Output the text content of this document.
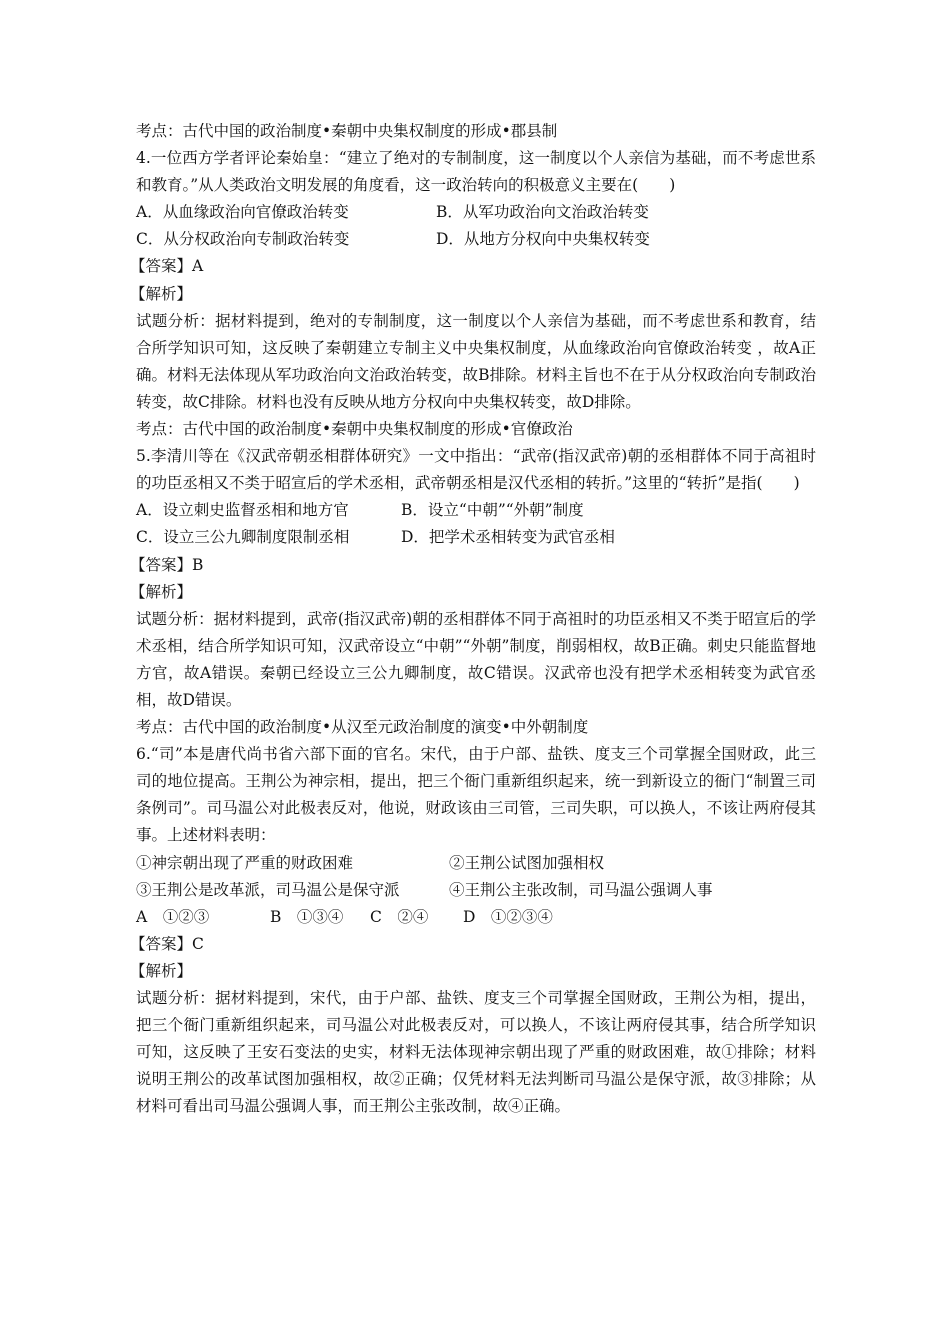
考点：古代中国的政治制度•秦朝中央集权制度的形成•郡县制
4.一位西方学者评论秦始皇：“建立了绝对的专制制度，这一制度以个人亲信为基础，而不考虑世系和教育。”从人类政治文明发展的角度看，这一政治转向的积极意义主要在(　　)
A．从血缘政治向官僚政治转变	B．从军功政治向文治政治转变
C．从分权政治向专制政治转变	D．从地方分权向中央集权转变
【答案】A
【解析】
试题分析：据材料提到，绝对的专制制度，这一制度以个人亲信为基础，而不考虑世系和教育，结合所学知识可知，这反映了秦朝建立专制主义中央集权制度，从血缘政治向官僚政治转变 ，故A正确。材料无法体现从军功政治向文治政治转变，故B排除。材料主旨也不在于从分权政治向专制政治转变，故C排除。材料也没有反映从地方分权向中央集权转变，故D排除。
考点：古代中国的政治制度•秦朝中央集权制度的形成•官僚政治
5.李清川等在《汉武帝朝丞相群体研究》一文中指出：“武帝(指汉武帝)朝的丞相群体不同于高祖时的功臣丞相又不类于昭宣后的学术丞相，武帝朝丞相是汉代丞相的转折。”这里的“转折”是指(　　)
A．设立刺史监督丞相和地方官	B．设立“中朝”“外朝”制度
C．设立三公九卿制度限制丞相	D．把学术丞相转变为武官丞相
【答案】B
【解析】
试题分析：据材料提到，武帝(指汉武帝)朝的丞相群体不同于高祖时的功臣丞相又不类于昭宣后的学术丞相，结合所学知识可知，汉武帝设立“中朝”“外朝”制度，削弱相权，故B正确。刺史只能监督地方官，故A错误。秦朝已经设立三公九卿制度，故C错误。汉武帝也没有把学术丞相转变为武官丞相，故D错误。
考点：古代中国的政治制度•从汉至元政治制度的演变•中外朝制度
6.“司”本是唐代尚书省六部下面的官名。宋代，由于户部、盐铁、度支三个司掌握全国财政，此三司的地位提高。王荆公为神宗相，提出，把三个衙门重新组织起来，统一到新设立的衙门“制置三司条例司”。司马温公对此极表反对，他说，财政该由三司管，三司失职，可以换人，不该让两府侵其事。上述材料表明：
①神宗朝出现了严重的财政困难	②王荆公试图加强相权
③王荆公是改革派，司马温公是保守派	④王荆公主张改制，司马温公强调人事
A　①②③	B　①③④	C　②④	D　①②③④
【答案】C
【解析】
试题分析：据材料提到，宋代，由于户部、盐铁、度支三个司掌握全国财政，王荆公为相，提出，把三个衙门重新组织起来，司马温公对此极表反对，可以换人，不该让两府侵其事，结合所学知识可知，这反映了王安石变法的史实，材料无法体现神宗朝出现了严重的财政困难，故①排除；材料说明王荆公的改革试图加强相权，故②正确；仅凭材料无法判断司马温公是保守派，故③排除；从材料可看出司马温公强调人事，而王荆公主张改制，故④正确。
